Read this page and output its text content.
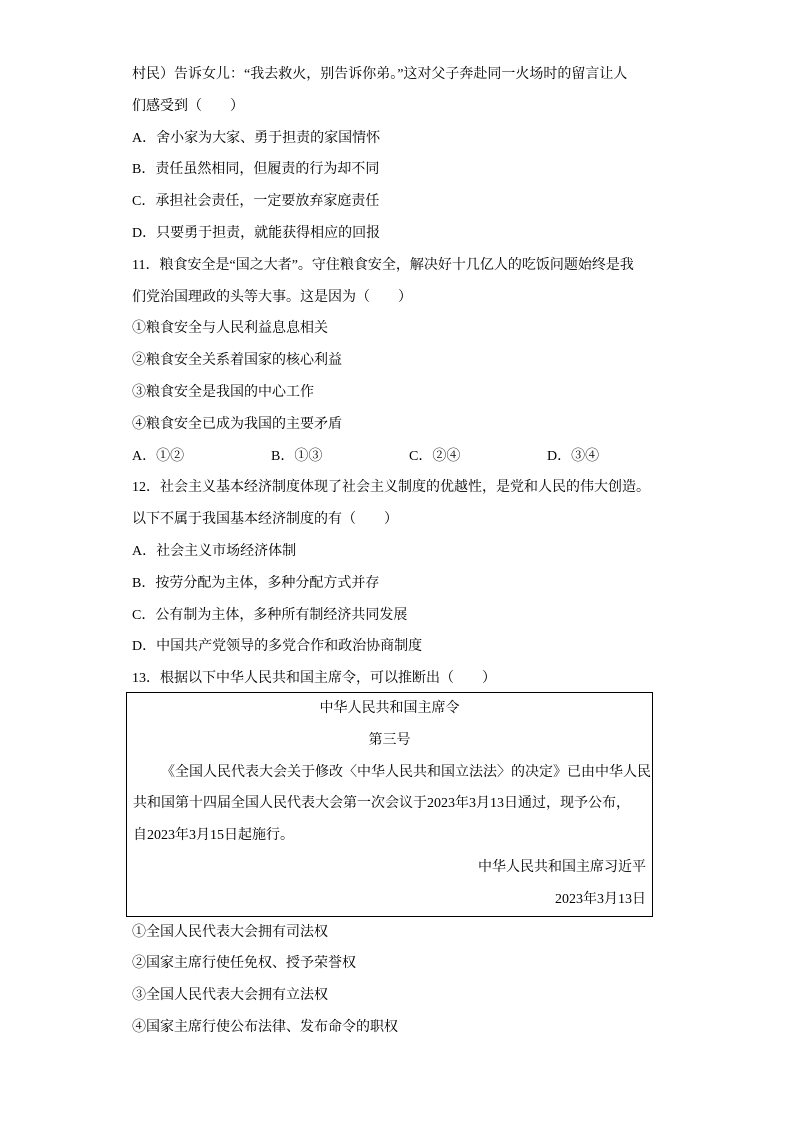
村民）告诉女儿：“我去救火，别告诉你弟。”这对父子奔赴同一火场时的留言让人
们感受到（　　）
A．舍小家为大家、勇于担责的家国情怀
B．责任虽然相同，但履责的行为却不同
C．承担社会责任，一定要放弃家庭责任
D．只要勇于担责，就能获得相应的回报
11．粮食安全是“国之大者”。守住粮食安全，解决好十几亿人的吃饭问题始终是我
们党治国理政的头等大事。这是因为（　　）
①粮食安全与人民利益息息相关
②粮食安全关系着国家的核心利益
③粮食安全是我国的中心工作
④粮食安全已成为我国的主要矛盾
A．①②	B．①③	C．②④	D．③④
12．社会主义基本经济制度体现了社会主义制度的优越性，是党和人民的伟大创造。
以下不属于我国基本经济制度的有（　　）
A．社会主义市场经济体制
B．按劳分配为主体，多种分配方式并存
C．公有制为主体，多种所有制经济共同发展
D．中国共产党领导的多党合作和政治协商制度
13．根据以下中华人民共和国主席令，可以推断出（　　）
中华人民共和国主席令
第三号
《全国人民代表大会关于修改〈中华人民共和国立法法〉的决定》已由中华人民
共和国第十四届全国人民代表大会第一次会议于2023年3月13日通过，现予公布，
自2023年3月15日起施行。
中华人民共和国主席习近平
2023年3月13日
①全国人民代表大会拥有司法权
②国家主席行使任免权、授予荣誉权
③全国人民代表大会拥有立法权
④国家主席行使公布法律、发布命令的职权
